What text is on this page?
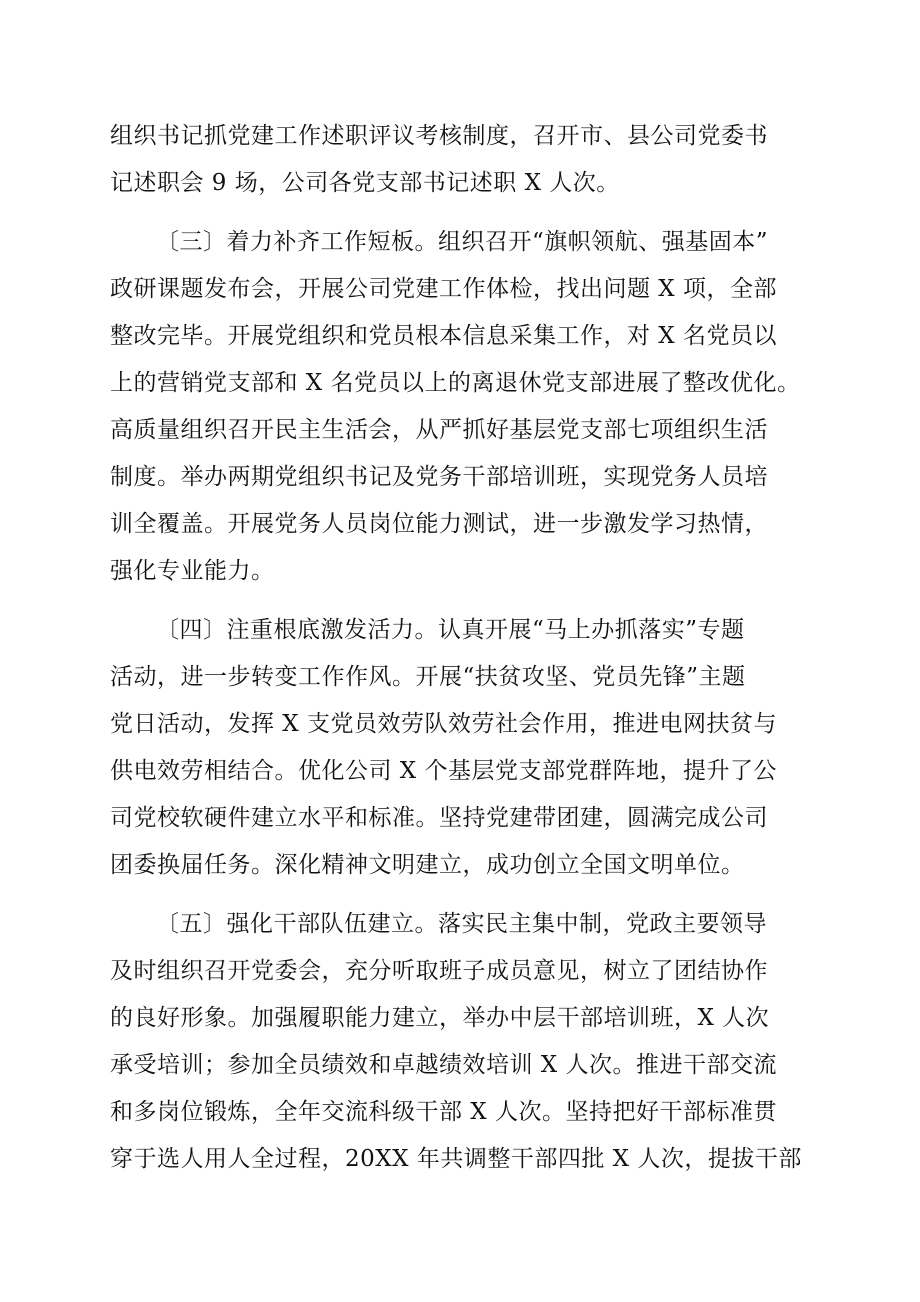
组织书记抓党建工作述职评议考核制度，召开市、县公司党委书
记述职会 9 场，公司各党支部书记述职 X 人次。

〔三〕着力补齐工作短板。组织召开“旗帜领航、强基固本”
政研课题发布会，开展公司党建工作体检，找出问题 X 项，全部
整改完毕。开展党组织和党员根本信息采集工作，对 X 名党员以
上的营销党支部和 X 名党员以上的离退休党支部进展了整改优化。
高质量组织召开民主生活会，从严抓好基层党支部七项组织生活
制度。举办两期党组织书记及党务干部培训班，实现党务人员培
训全覆盖。开展党务人员岗位能力测试，进一步激发学习热情，
强化专业能力。

〔四〕注重根底激发活力。认真开展“马上办抓落实”专题
活动，进一步转变工作作风。开展“扶贫攻坚、党员先锋”主题
党日活动，发挥 X 支党员效劳队效劳社会作用，推进电网扶贫与
供电效劳相结合。优化公司 X 个基层党支部党群阵地，提升了公
司党校软硬件建立水平和标准。坚持党建带团建，圆满完成公司
团委换届任务。深化精神文明建立，成功创立全国文明单位。

〔五〕强化干部队伍建立。落实民主集中制，党政主要领导
及时组织召开党委会，充分听取班子成员意见，树立了团结协作
的良好形象。加强履职能力建立，举办中层干部培训班，X 人次
承受培训；参加全员绩效和卓越绩效培训 X 人次。推进干部交流
和多岗位锻炼，全年交流科级干部 X 人次。坚持把好干部标准贯
穿于选人用人全过程，20XX 年共调整干部四批 X 人次，提拔干部
